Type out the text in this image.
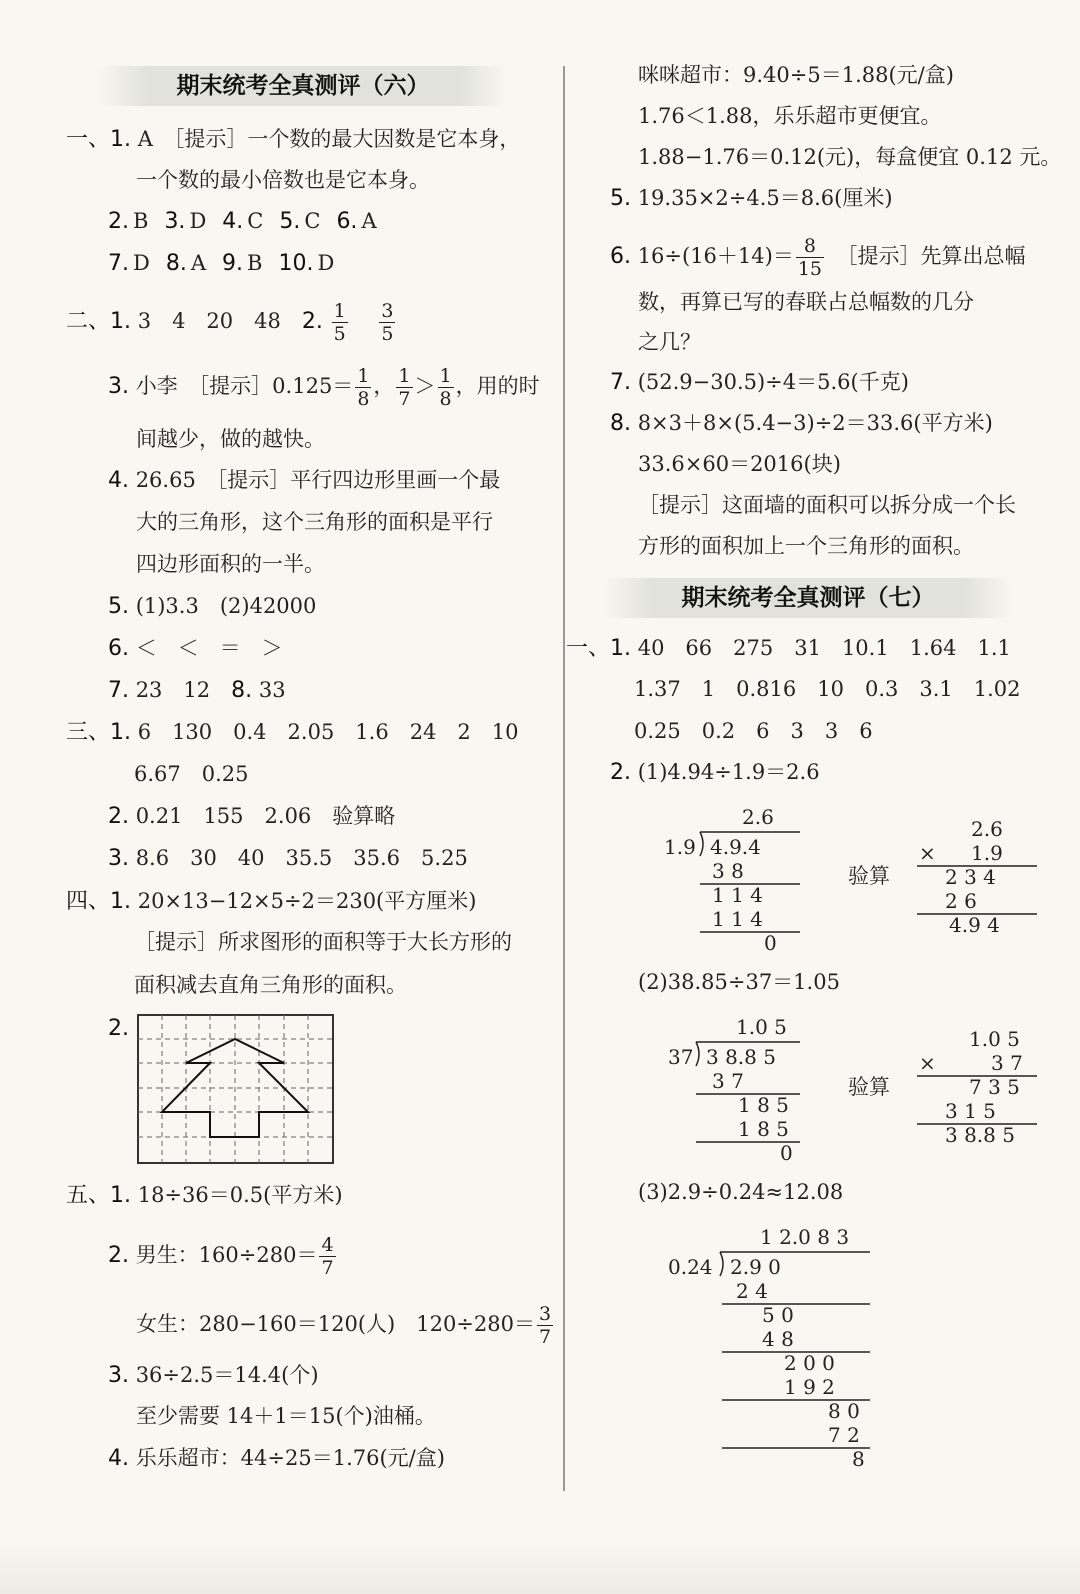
期末统考全真测评（六）
一、1. A　［提示］一个数的最大因数是它本身，
一个数的最小倍数也是它本身。
2. B 3. D 4. C 5. C 6. A
7. D 8. A 9. B 10. D
二、1. 3　4　20　48　 2. $\frac{1}{5}$
　 $\frac{3}{5}$
3. 小李　［提示］0.125＝ $\frac{1}{8}$ ， $\frac{1}{7} > \frac{1}{8}$ ，用的时
间越少，做的越快。
4. 26.65　［提示］平行四边形里画一个最
大的三角形，这个三角形的面积是平行
四边形面积的一半。
5. (1)3.3　(2)42000
6. ＜　＜　＝　＞
7. 23　12　 8. 33
三、1. 6　130　0.4　2.05　1.6　24　2　10
6.67　0.25
2. 0.21　155　2.06　验算略
3. 8.6　30　40　35.5　35.6　5.25
四、1. 20×13−12×5÷2＝230(平方厘米)
［提示］所求图形的面积等于大长方形的
面积减去直角三角形的面积。
2.
五、1. 18÷36＝0.5(平方米)
2. 男生：$160\div 280= \frac{4}{7}$
女生：280−160＝120(人)　$120\div 280= \frac{3}{7}$
3. 36÷2.5＝14.4(个)
至少需要 14＋1＝15(个)油桶。
4. 乐乐超市：44÷25＝1.76(元/盒)
咪咪超市：9.40÷5＝1.88(元/盒)
1.76＜1.88，乐乐超市更便宜。
1.88−1.76＝0.12(元)，每盒便宜 0.12 元。
5. 19.35×2÷4.5＝8.6(厘米)
6. $16\div(16+14)= \frac{8}{15}$
　 ［提示］先算出总幅
数，再算已写的春联占总幅数的几分
之几？
7. (52.9−30.5)÷4＝5.6(千克)
8. 8×3＋8×(5.4−3)÷2＝33.6(平方米)
33.6×60＝2016(块)
［提示］这面墙的面积可以拆分成一个长
方形的面积加上一个三角形的面积。
期末统考全真测评（七）
一、1. 40　66　275　31　10.1　1.64　1.1
1.37　1　0.816　10　0.3　3.1　1.02
0.25　0.2　6　3　3　6
2. (1)4.94÷1.9＝2.6
2.6
1.9 4.9.4
3 8
1 1 4
1 1 4
0
验算
2.6
× 1.9
2 3 4
2 6
4.9 4
(2)38.85÷37＝1.05
1.0 5
37 3 8.8 5
3 7
1 8 5
1 8 5
0
验算
1.0 5
×	3 7
7 3 5
3 1 5
3 8.8 5
(3)2.9÷0.24≈12.08
1 2.0 8 3
0.24 2.9 0
2 4
5 0
4 8
2 0 0
1 9 2
8 0
7 2
8
